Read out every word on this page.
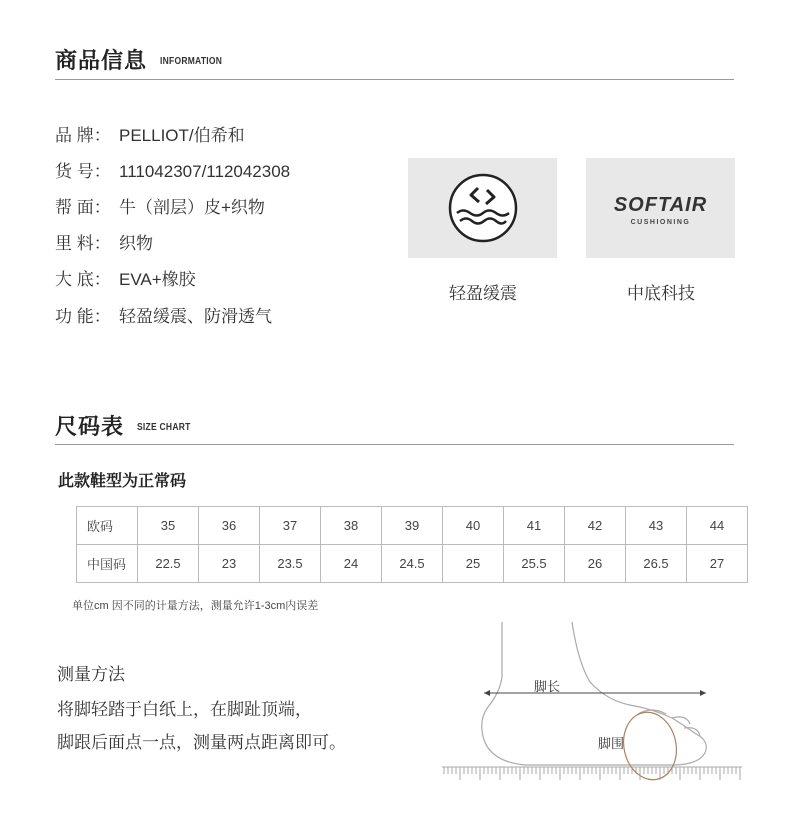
商品信息 INFORMATION
品 牌： PELLIOT/伯希和
货 号： 111042307/112042308
帮 面： 牛（剖层）皮+织物
里 料： 织物
大 底： EVA+橡胶
功 能： 轻盈缓震、防滑透气
轻盈缓震
SOFTAIR
CUSHIONING
中底科技
尺码表 SIZE CHART
此款鞋型为正常码
欧码	35	36	37	38	39	40	41	42	43	44
中国码	22.5	23	23.5	24	24.5	25	25.5	26	26.5	27
单位cm 因不同的计量方法，测量允许1-3cm内误差
测量方法
将脚轻踏于白纸上，在脚趾顶端，
脚跟后面点一点，测量两点距离即可。
脚长
脚围
